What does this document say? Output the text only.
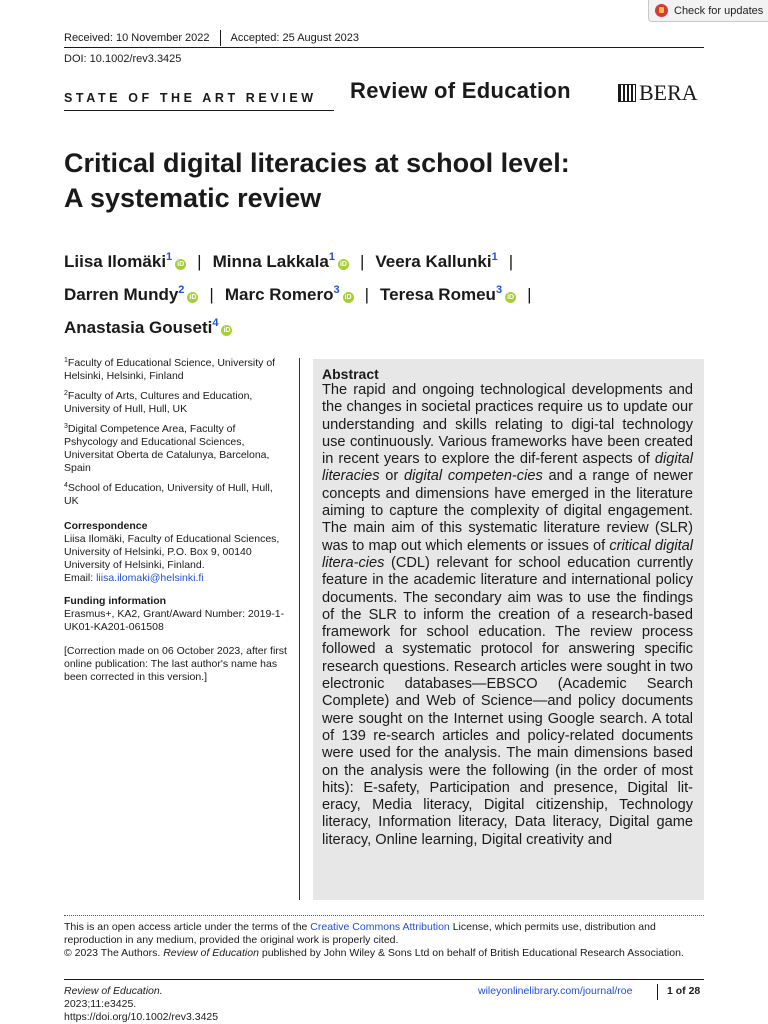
Check for updates
Received: 10 November 2022 Accepted: 25 August 2023
DOI: 10.1002/rev3.3425
STATE OF THE ART REVIEW Review of Education	BERA
Critical digital literacies at school level:
A systematic review
Liisa Ilomäki$^1$iD | Minna Lakkala$^1$iD | Veera Kallunki$^1$ |
Darren Mundy$^2$iD | Marc Romero$^3$iD | Teresa Romeu$^3$iD |
Anastasia Gouseti$^4$iD

$^1$Faculty of Educational Science, University of Helsinki, Helsinki, Finland

$^2$Faculty of Arts, Cultures and Education, University of Hull, Hull, UK

$^3$Digital Competence Area, Faculty of Pshycology and Educational Sciences, Universitat Oberta de Catalunya, Barcelona, Spain

$^4$School of Education, University of Hull, Hull, UK

Correspondence
Liisa Ilomäki, Faculty of Educational Sciences, University of Helsinki, P.O. Box 9, 00140 University of Helsinki, Finland.
Email: liisa.ilomaki@helsinki.fi
Funding information
Erasmus+, KA2, Grant/Award Number: 2019-1-UK01-KA201-061508
[Correction made on 06 October 2023, after first online publication: The last author's name has been corrected in this version.]
Abstract
The rapid and ongoing technological developments and the changes in societal practices require us to update our understanding and skills relating to digi-tal technology use continuously. Various frameworks have been created in recent years to explore the dif-ferent aspects of digital literacies or digital competen-cies and a range of newer concepts and dimensions have emerged in the literature aiming to capture the complexity of digital engagement. The main aim of this systematic literature review (SLR) was to map out which elements or issues of critical digital litera-cies (CDL) relevant for school education currently feature in the academic literature and international policy documents. The secondary aim was to use the findings of the SLR to inform the creation of a research-based framework for school education. The review process followed a systematic protocol for answering specific research questions. Research articles were sought in two electronic databases—EBSCO (Academic Search Complete) and Web of Science—and policy documents were sought on the Internet using Google search. A total of 139 re-search articles and policy-related documents were used for the analysis. The main dimensions based on the analysis were the following (in the order of most hits): E-safety, Participation and presence, Digital lit-eracy, Media literacy, Digital citizenship, Technology literacy, Information literacy, Data literacy, Digital game literacy, Online learning, Digital creativity and
This is an open access article under the terms of the Creative Commons Attribution License, which permits use, distribution and reproduction in any medium, provided the original work is properly cited.
© 2023 The Authors. Review of Education published by John Wiley & Sons Ltd on behalf of British Educational Research Association.
Review of Education.
2023;11:e3425.
https://doi.org/10.1002/rev3.3425
wileyonlinelibrary.com/journal/roe	1 of 28
